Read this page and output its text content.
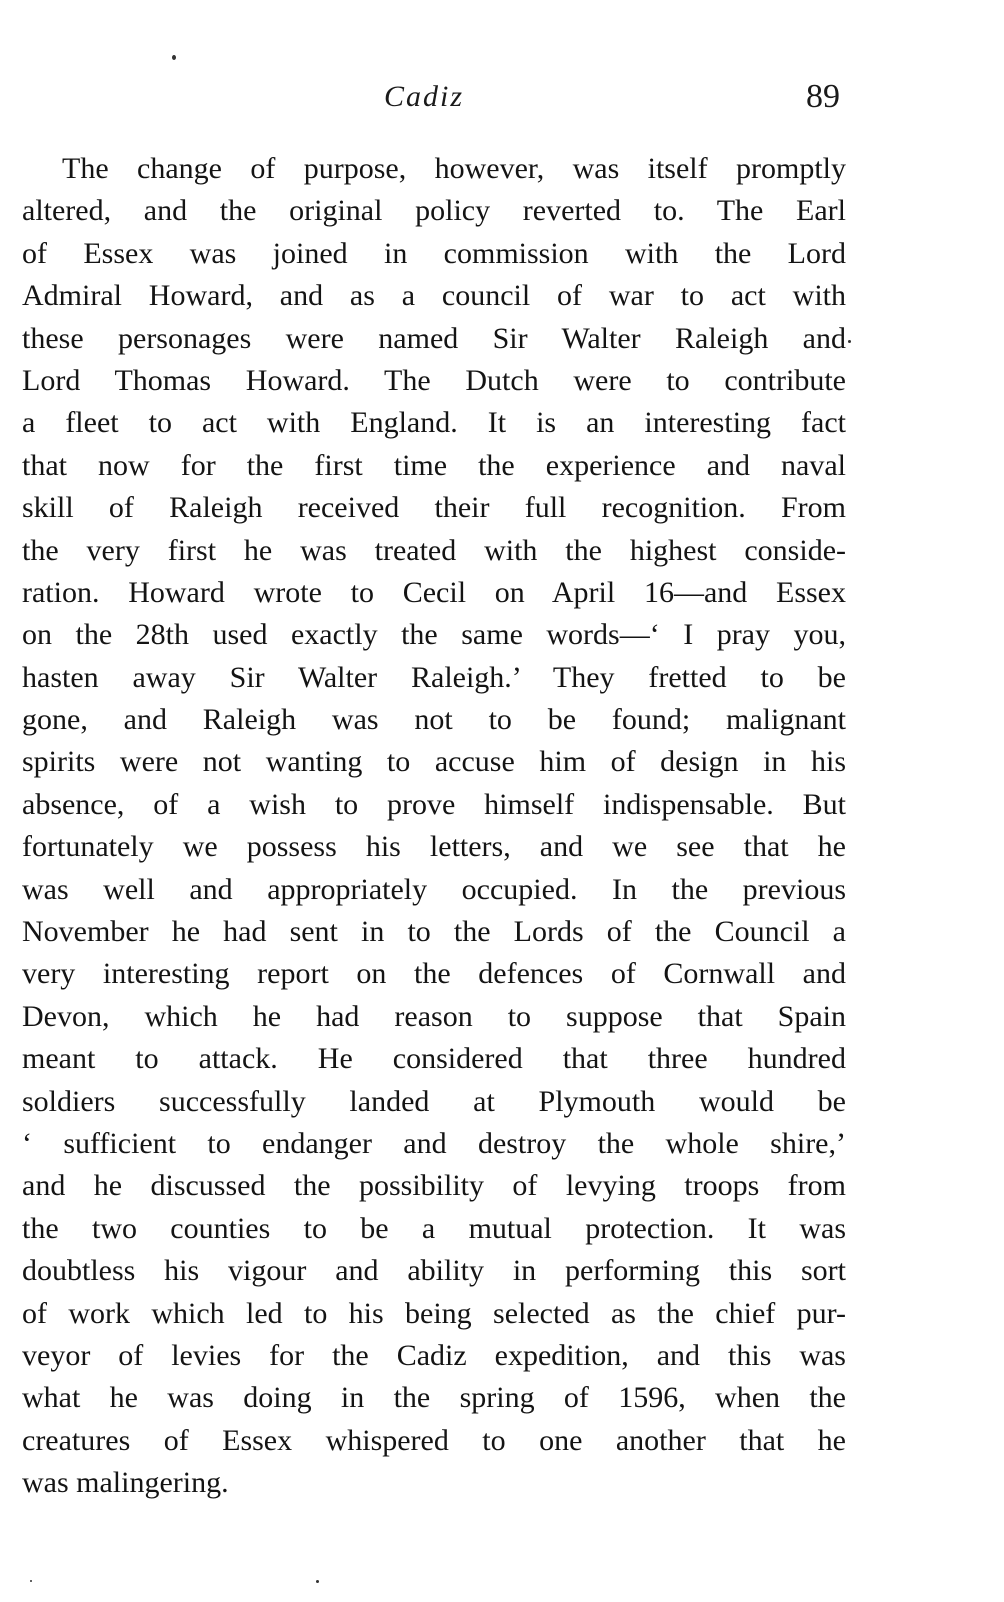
Cadiz	89
The change of purpose, however, was itself promptly
altered, and the original policy reverted to. The Earl
of Essex was joined in commission with the Lord
Admiral Howard, and as a council of war to act with
these personages were named Sir Walter Raleigh and
Lord Thomas Howard. The Dutch were to contribute
a fleet to act with England. It is an interesting fact
that now for the first time the experience and naval
skill of Raleigh received their full recognition. From
the very first he was treated with the highest conside-
ration. Howard wrote to Cecil on April 16—and Essex
on the 28th used exactly the same words—‘ I pray you,
hasten away Sir Walter Raleigh.’ They fretted to be
gone, and Raleigh was not to be found; malignant
spirits were not wanting to accuse him of design in his
absence, of a wish to prove himself indispensable. But
fortunately we possess his letters, and we see that he
was well and appropriately occupied. In the previous
November he had sent in to the Lords of the Council a
very interesting report on the defences of Cornwall and
Devon, which he had reason to suppose that Spain
meant to attack. He considered that three hundred
soldiers successfully landed at Plymouth would be
‘ sufficient to endanger and destroy the whole shire,’
and he discussed the possibility of levying troops from
the two counties to be a mutual protection. It was
doubtless his vigour and ability in performing this sort
of work which led to his being selected as the chief pur-
veyor of levies for the Cadiz expedition, and this was
what he was doing in the spring of 1596, when the
creatures of Essex whispered to one another that he
was malingering.
